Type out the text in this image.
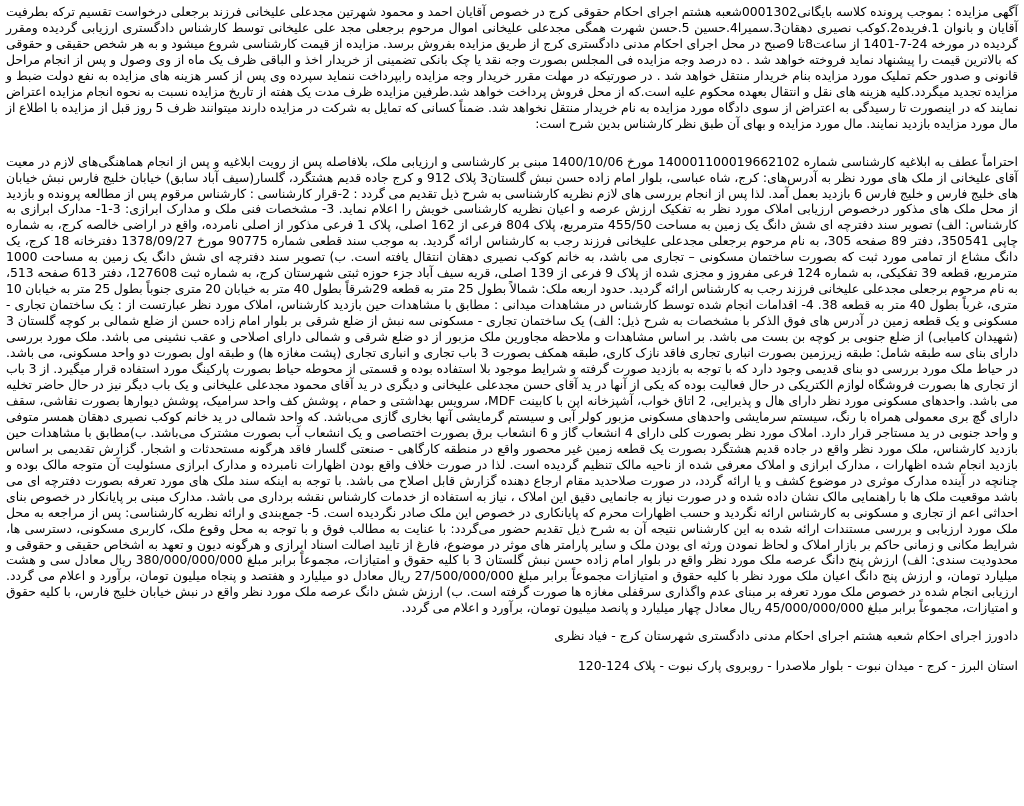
آگهی مزایده : بموجب پرونده کلاسه بایگانی0001302شعبه هشتم اجرای احکام حقوقی کرج در خصوص آقایان احمد و محمود شهرتین مجدعلی علیخانی فرزند برجعلی درخواست تقسیم ترکه بطرفیت آقایان و بانوان 1.فریده2.کوکب نصیری دهقان3.سمیرا4.حسین 5.حسن شهرت همگی مجدعلی علیخانی اموال مرحوم برجعلی مجد علی علیخانی توسط کارشناس دادگستری ارزیابی گردیده ومقرر گردیده در مورخه 24-7-1401 از ساعت8تا 9صبح در محل اجرای احکام مدنی دادگستری کرج از طریق مزایده بفروش برسد. مزایده از قیمت کارشناسی شروع میشود و به هر شخص حقیقی و حقوقی که بالاترین قیمت را پیشنهاد نماید فروخته خواهد شد . ده درصد وجه مزایده فی المجلس بصورت وجه نقد یا چک بانکی تضمینی از خریدار اخذ و الباقی ظرف یک ماه از وی وصول و پس از انجام مراحل قانونی و صدور حکم تملیک مورد مزایده بنام خریدار منتقل خواهد شد . در صورتیکه در مهلت مقرر خریدار وجه مزایده رابپرداخت ننماید سپرده وی پس از کسر هزینه های مزایده به نفع دولت ضبط و مزایده تجدید میگردد.کلیه هزینه های نقل و انتقال بعهده محکوم علیه است.که از محل فروش پرداخت خواهد شد.طرفین مزایده ظرف مدت یک هفته از تاریخ مزایده نسبت به نحوه انجام مزایده اعتراض نمایند که در اینصورت تا رسیدگی به اعتراض از سوی دادگاه مورد مزایده به نام خریدار منتقل نخواهد شد. ضمناً کسانی که تمایل به شرکت در مزایده دارند میتوانند ظرف 5 روز قبل از مزایده با اطلاع از مال مورد مزایده بازدید نمایند. مال مورد مزایده و بهای آن طبق نظر کارشناس بدین شرح است:

احتراماً عطف به ابلاغیه کارشناسی شماره 140001100019662102 مورخ 1400/10/06 مبنی بر کارشناسی و ارزیابی ملک، بلافاصله پس از رویت ابلاغیه و پس از انجام هماهنگی‌های لازم در معیت آقای علیخانی از ملک های مورد نظر به آدرس‌های: کرج، شاه عباسی، بلوار امام زاده حسن نبش گلستان3 پلاک 912 و کرج جاده قدیم هشتگرد، گلسار(سیف آباد سابق) خیابان خلیج فارس نبش خیابان های خلیج فارس و خلیج فارس 6 بازدید بعمل آمد. لذا پس از انجام بررسی های لازم نظریه کارشناسی به شرح ذیل تقدیم می گردد : 2-قرار کارشناسی : کارشناس مرقوم پس از مطالعه پرونده و بازدید از محل ملک های مذکور درخصوص ارزیابی املاک مورد نظر به تفکیک ارزش عرصه و اعیان نظریه کارشناسی خویش را اعلام نماید. 3- مشخصات فنی ملک و مدارک ابرازی: 3-1- مدارک ابرازی به کارشناس: الف) تصویر سند دفترچه ای شش دانگ یک زمین به مساحت 455/50 مترمربع، پلاک 804 فرعی از 162 اصلی، پلاک 1 فرعی مذکور از اصلی نامرده، واقع در اراضی خالصه کرج، به شماره چاپی 350541، دفتر 89 صفحه 305، به نام مرحوم برجعلی مجدعلی علیخانی فرزند رجب به کارشناس ارائه گردید. به موجب سند قطعی شماره 90775 مورخ 1378/09/27 دفترخانه 18 کرج، یک دانگ مشاع از تمامی مورد ثبت که بصورت ساختمان مسکونی – تجاری می باشد، به خانم کوکب نصیری دهقان انتقال یافته است. ب) تصویر سند دفترچه ای شش دانگ یک زمین به مساحت 1000 مترمربع، قطعه 39 تفکیکی، به شماره 124 فرعی مفروز و مجزی شده از پلاک 9 فرعی از 139 اصلی، قریه سیف آباد جزء حوزه ثبتی شهرستان کرج، به شماره ثبت 127608، دفتر 613 صفحه 513، به نام مرحوم برجعلی مجدعلی علیخانی فرزند رجب به کارشناس ارائه گردید. حدود اربعه ملک: شمالاً بطول 25 متر به قطعه 29شرقاً بطول 40 متر به خیابان 20 متری جنوباً بطول 25 متر به خیابان 10 متری، غرباً بطول 40 متر به قطعه 38. 4- اقدامات انجام شده توسط کارشناس در مشاهدات میدانی : مطابق با مشاهدات حین بازدید کارشناس، املاک مورد نظر عبارتست از : یک ساختمان تجاری - مسکونی و یک قطعه زمین در آدرس های فوق الذکر با مشخصات به شرح ذیل: الف) یک ساختمان تجاری - مسکونی سه نبش از ضلع شرقی بر بلوار امام زاده حسن از ضلع شمالی بر کوچه گلستان 3 (شهیدان کامیابی) از ضلع جنوبی بر کوچه بن بست می باشد. بر اساس مشاهدات و ملاحظه مجاورین ملک مزبور از دو ضلع شرقی و شمالی دارای اصلاحی و عقب نشینی می باشد. ملک مورد بررسی دارای بنای سه طبقه شامل: طبقه زیرزمین بصورت انباری تجاری فاقد نازک کاری، طبقه همکف بصورت 3 باب تجاری و انباری تجاری (پشت مغازه ها) و طبقه اول بصورت دو واحد مسکونی، می باشد. در حیاط ملک مورد بررسی دو بنای قدیمی وجود دارد که با توجه به بازدید صورت گرفته و شرایط موجود بلا استفاده بوده و قسمتی از محوطه حیاط بصورت پارکینگ مورد استفاده قرار میگیرد. از 3 باب از تجاری ها بصورت فروشگاه لوازم الکتریکی در حال فعالیت بوده که یکی از آنها در ید آقای حسن مجدعلی علیخانی و دیگری در ید آقای محمود مجدعلی علیخانی و یک باب دیگر نیز در حال حاضر تخلیه می باشد. واحدهای مسکونی مورد نظر دارای هال و پذیرایی، 2 اتاق خواب، آشپزخانه اپن با کابینت MDF، سرویس بهداشتی و حمام ، پوشش کف واحد سرامیک، پوشش دیوارها بصورت نقاشی، سقف دارای گچ بری معمولی همراه با رنگ، سیستم سرمایشی واحدهای مسکونی مزبور کولر آبی و سیستم گرمایشی آنها بخاری گازی می‌باشد. که واحد شمالی در ید خانم کوکب نصیری دهقان همسر متوفی و واحد جنوبی در ید مستاجر قرار دارد. املاک مورد نظر بصورت کلی دارای 4 انشعاب گاز و 6 انشعاب برق بصورت اختصاصی و یک انشعاب آب بصورت مشترک می‌باشد. ب)مطابق با مشاهدات حین بازدید کارشناس، ملک مورد نظر واقع در جاده قدیم هشتگرد بصورت یک قطعه زمین غیر محصور واقع در منطقه کارگاهی - صنعتی گلسار فاقد هرگونه مستحدثات و اشجار. گزارش تقدیمی بر اساس بازدید انجام شده اظهارات ، مدارک ابرازی و املاک معرفی شده از ناحیه مالک تنظیم گردیده است. لذا در صورت خلاف واقع بودن اظهارات نامبرده و مدارک ابرازی مسئولیت آن متوجه مالک بوده و چنانچه در آینده مدارک موثری در موضوع کشف و یا ارائه گردد، در صورت صلاحدید مقام ارجاع دهنده گزارش قابل اصلاح می باشد. با توجه به اینکه سند ملک های مورد تعرفه بصورت دفترچه ای می باشد موقعیت ملک ها با راهنمایی مالک نشان داده شده و در صورت نیاز به جانمایی دقیق این املاک ، نیاز به استفاده از خدمات کارشناس نقشه برداری می باشد. مدارک مبنی بر پایانکار در خصوص بنای احداثی اعم از تجاری و مسکونی به کارشناس ارائه نگردید و حسب اظهارات محرم که پایانکاری در خصوص این ملک صادر نگردیده است. 5- جمع‌بندی و ارائه نظریه کارشناسی: پس از مراجعه به محل ملک مورد ارزیابی و بررسی مستندات ارائه شده به این کارشناس نتیجه آن به شرح ذیل تقدیم حضور می‌گردد: با عنایت به مطالب فوق و با توجه به محل وقوع ملک، کاربری مسکونی، دسترسی ها، شرایط مکانی و زمانی حاکم بر بازار املاک و لحاظ نمودن ورثه ای بودن ملک و سایر پارامتر های موثر در موضوع، فارغ از تایید اصالت اسناد ابرازی و هرگونه دیون و تعهد به اشخاص حقیقی و حقوقی و محدودیت سندی: الف) ارزش پنج دانگ عرصه ملک مورد نظر واقع در بلوار امام زاده حسن نبش گلستان 3 با کلیه حقوق و امتیازات، مجموعاً برابر مبلغ 380/000/000/000 ریال معادل سی و هشت میلیارد تومان، و ارزش پنج دانگ اعیان ملک مورد نظر با کلیه حقوق و امتیازات مجموعاً برابر مبلغ 27/500/000/000 ریال معادل دو میلیارد و هفتصد و پنجاه میلیون تومان، برآورد و اعلام می گردد. ارزیابی انجام شده در خصوص ملک مورد تعرفه بر مبنای عدم واگذاری سرقفلی مغازه ها صورت گرفته است. ب) ارزش شش دانگ عرصه ملک مورد نظر واقع در نبش خیابان خلیج فارس، با کلیه حقوق و امتیازات، مجموعاً برابر مبلغ 45/000/000/000 ریال معادل چهار میلیارد و پانصد میلیون تومان، برآورد و اعلام می گردد.

دادورز اجرای احکام شعبه هشتم اجرای احکام مدنی دادگستری شهرستان کرج - فیاد نظری

استان البرز - کرج - میدان نبوت - بلوار ملاصدرا - روبروی پارک نبوت - پلاک 124-120
